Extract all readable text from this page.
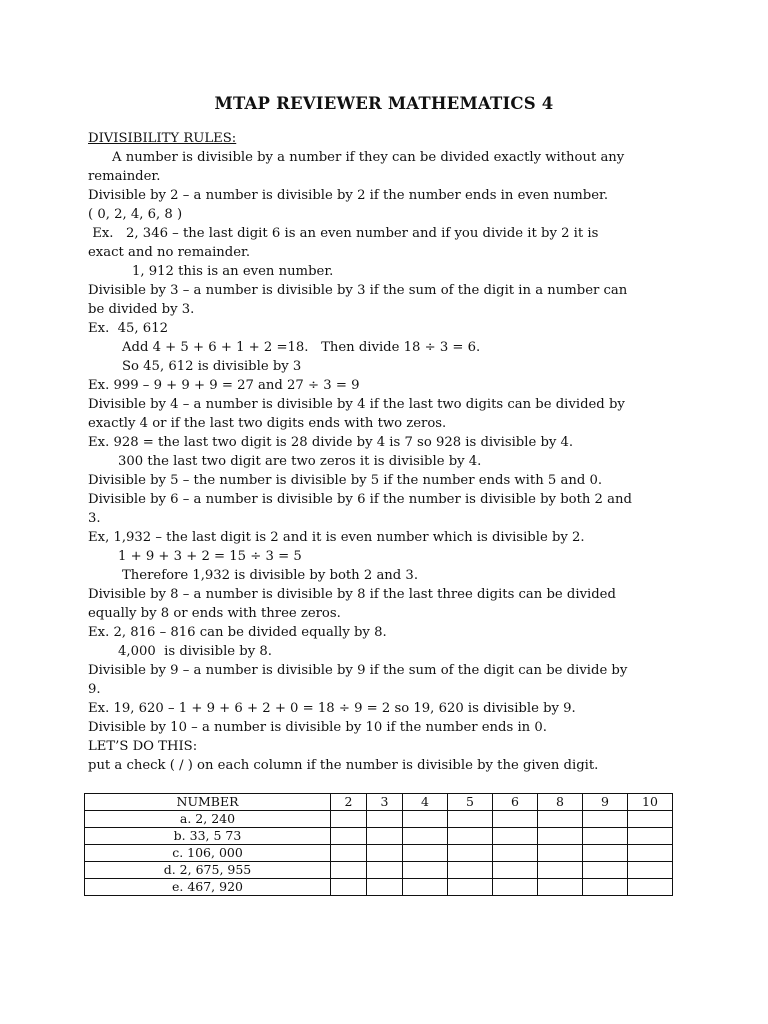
MTAP REVIEWER MATHEMATICS 4

DIVISIBILITY RULES:

A number is divisible by a number if they can be divided exactly without any

remainder.

Divisible by 2 – a number is divisible by 2 if the number ends in even number.

( 0, 2, 4, 6, 8 )

Ex.   2, 346 – the last digit 6 is an even number and if you divide it by 2 it is

exact and no remainder.

1, 912 this is an even number.

Divisible by 3 – a number is divisible by 3 if the sum of the digit in a number can

be divided by 3.

Ex.  45, 612

Add 4 + 5 + 6 + 1 + 2 =18.   Then divide 18 ÷ 3 = 6.

So 45, 612 is divisible by 3

Ex. 999 – 9 + 9 + 9 = 27 and 27 ÷ 3 = 9

Divisible by 4 – a number is divisible by 4 if the last two digits can be divided by

exactly 4 or if the last two digits ends with two zeros.

Ex. 928 = the last two digit is 28 divide by 4 is 7 so 928 is divisible by 4.

300 the last two digit are two zeros it is divisible by 4.

Divisible by 5 – the number is divisible by 5 if the number ends with 5 and 0.

Divisible by 6 – a number is divisible by 6 if the number is divisible by both 2 and

3.

Ex, 1,932 – the last digit is 2 and it is even number which is divisible by 2.

1 + 9 + 3 + 2 = 15 ÷ 3 = 5

Therefore 1,932 is divisible by both 2 and 3.

Divisible by 8 – a number is divisible by 8 if the last three digits can be divided

equally by 8 or ends with three zeros.

Ex. 2, 816 – 816 can be divided equally by 8.

4,000  is divisible by 8.

Divisible by 9 – a number is divisible by 9 if the sum of the digit can be divide by

9.

Ex. 19, 620 – 1 + 9 + 6 + 2 + 0 = 18 ÷ 9 = 2 so 19, 620 is divisible by 9.

Divisible by 10 – a number is divisible by 10 if the number ends in 0.

LET’S DO THIS:

put a check ( / ) on each column if the number is divisible by the given digit.

NUMBER	2	3	4	5	6	8	9	10
a. 2, 240								
b. 33, 5 73								
c. 106, 000								
d. 2, 675, 955								
e. 467, 920								
